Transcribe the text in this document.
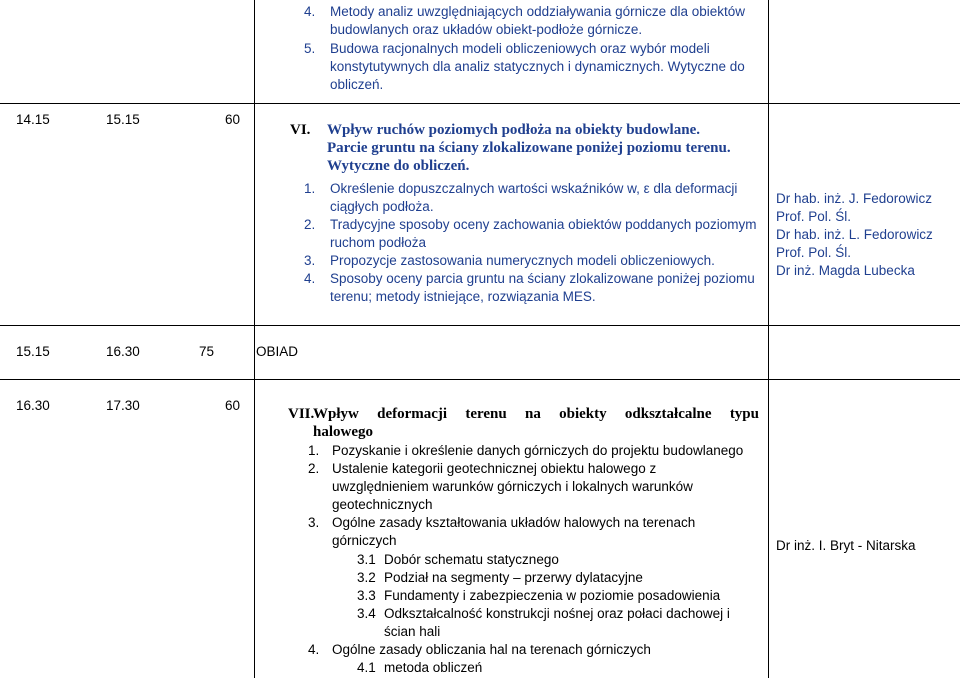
4. Metody analiz uwzględniających oddziaływania górnicze dla obiektów
budowlanych oraz układów obiekt-podłoże górnicze.
5. Budowa racjonalnych modeli obliczeniowych oraz wybór modeli
konstytutywnych dla analiz statycznych i dynamicznych. Wytyczne do
obliczeń.
14.15	15.15	60
VI. Wpływ ruchów poziomych podłoża na obiekty budowlane.
Parcie gruntu na ściany zlokalizowane poniżej poziomu terenu.
Wytyczne do obliczeń.
1. Określenie dopuszczalnych wartości wskaźników w, ε dla deformacji
ciągłych podłoża.
2. Tradycyjne sposoby oceny zachowania obiektów poddanych poziomym
ruchom podłoża
3. Propozycje zastosowania numerycznych modeli obliczeniowych.
4. Sposoby oceny parcia gruntu na ściany zlokalizowane poniżej poziomu
terenu; metody istniejące, rozwiązania MES.
Dr hab. inż. J. Fedorowicz
Prof. Pol. Śl.
Dr hab. inż. L. Fedorowicz
Prof. Pol. Śl.
Dr inż. Magda Lubecka
15.15	16.30	75	OBIAD
16.30	17.30	60
VII.
Wpływ deformacji terenu na obiekty odkształcalne typu
halowego
1. Pozyskanie i określenie danych górniczych do projektu budowlanego
2. Ustalenie kategorii geotechnicznej obiektu halowego z
uwzględnieniem warunków górniczych i lokalnych warunków
geotechnicznych
3. Ogólne zasady kształtowania układów halowych na terenach
górniczych
3.1 Dobór schematu statycznego
3.2 Podział na segmenty – przerwy dylatacyjne
3.3 Fundamenty i zabezpieczenia w poziomie posadowienia
3.4 Odkształcalność konstrukcji nośnej oraz połaci dachowej i
ścian hali
4. Ogólne zasady obliczania hal na terenach górniczych
4.1 metoda obliczeń
Dr inż. I. Bryt - Nitarska
